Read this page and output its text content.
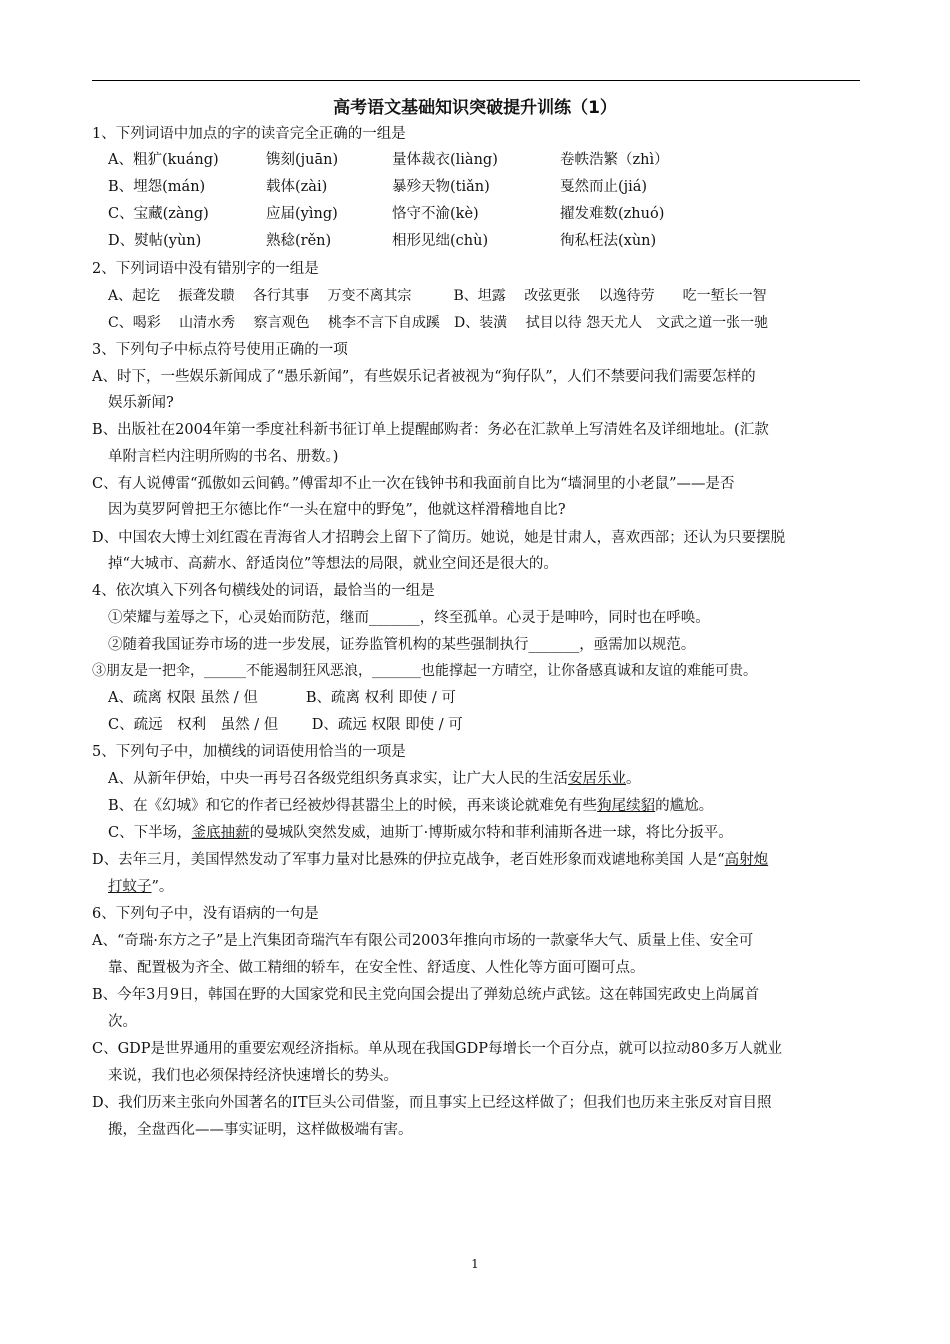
高考语文基础知识突破提升训练（1）
1、下列词语中加点的字的读音完全正确的一组是
A、粗犷(kuáng)	镌刻(juān)	量体裁衣(liàng)	卷帙浩繁（zhì）
B、埋怨(mán)	载体(zài)	暴殄天物(tiǎn)	戛然而止(jiá)
C、宝藏(zàng)	应届(yìng)	恪守不渝(kè)	擢发难数(zhuó)
D、熨帖(yùn)	熟稔(rěn)	相形见绌(chù)	徇私枉法(xùn)
2、下列词语中没有错别字的一组是
A、起讫　 振聋发聩　 各行其事　 万变不离其宗　　　B、坦露　 改弦更张　 以逸待劳　　吃一堑长一智
C、喝彩　 山清水秀　 察言观色　 桃李不言下自成蹊　D、装潢　 拭目以待 怨天尤人　文武之道一张一驰
3、下列句子中标点符号使用正确的一项
A、时下，一些娱乐新闻成了“愚乐新闻”，有些娱乐记者被视为“狗仔队”，人们不禁要问我们需要怎样的
娱乐新闻?
B、出版社在2004年第一季度社科新书征订单上提醒邮购者：务必在汇款单上写清姓名及详细地址。(汇款
单附言栏内注明所购的书名、册数。)
C、有人说傅雷“孤傲如云间鹤。”傅雷却不止一次在钱钟书和我面前自比为“墙洞里的小老鼠”——是否
因为莫罗阿曾把王尔德比作“一头在窟中的野兔”，他就这样滑稽地自比?
D、中国农大博士刘红霞在青海省人才招聘会上留下了简历。她说，她是甘肃人，喜欢西部；还认为只要摆脱
掉“大城市、高薪水、舒适岗位”等想法的局限，就业空间还是很大的。
4、依次填入下列各句横线处的词语，最恰当的一组是
①荣耀与羞辱之下，心灵始而防范，继而_______，终至孤单。心灵于是呻吟，同时也在呼唤。
②随着我国证券市场的进一步发展，证券监管机构的某些强制执行_______，亟需加以规范。
③朋友是一把伞，______不能遏制狂风恶浪，_______也能撑起一方晴空，让你备感真诚和友谊的难能可贵。
A、疏离 权限 虽然 / 但　　　 B、疏离 权利 即使 / 可
C、疏远　权利　虽然 / 但　　 D、疏远 权限 即使 / 可
5、下列句子中，加横线的词语使用恰当的一项是
A、从新年伊始，中央一再号召各级党组织务真求实，让广大人民的生活安居乐业。
B、在《幻城》和它的作者已经被炒得甚嚣尘上的时候，再来谈论就难免有些狗尾续貂的尴尬。
C、下半场，釜底抽薪的曼城队突然发威，迪斯丁·博斯威尔特和菲利浦斯各进一球，将比分扳平。
D、去年三月，美国悍然发动了军事力量对比悬殊的伊拉克战争，老百姓形象而戏谑地称美国 人是“高射炮
打蚊子”。
6、下列句子中，没有语病的一句是
A、“奇瑞·东方之子”是上汽集团奇瑞汽车有限公司2003年推向市场的一款豪华大气、质量上佳、安全可
靠、配置极为齐全、做工精细的轿车，在安全性、舒适度、人性化等方面可圈可点。
B、今年3月9日，韩国在野的大国家党和民主党向国会提出了弹劾总统卢武铉。这在韩国宪政史上尚属首
次。
C、GDP是世界通用的重要宏观经济指标。单从现在我国GDP每增长一个百分点，就可以拉动80多万人就业
来说，我们也必须保持经济快速增长的势头。
D、我们历来主张向外国著名的IT巨头公司借鉴，而且事实上已经这样做了；但我们也历来主张反对盲目照
搬，全盘西化——事实证明，这样做极端有害。
1
